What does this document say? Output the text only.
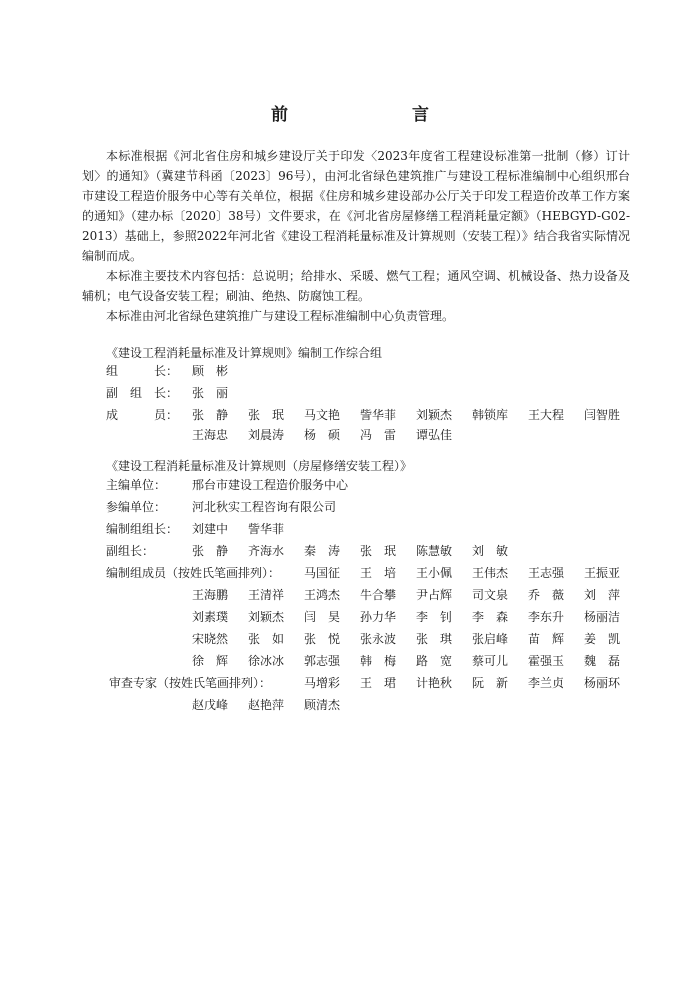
前　　言

本标准根据《河北省住房和城乡建设厅关于印发〈2023年度省工程建设标准第一批制（修）订计划〉的通知》（冀建节科函〔2023〕96号），由河北省绿色建筑推广与建设工程标准编制中心组织邢台市建设工程造价服务中心等有关单位，根据《住房和城乡建设部办公厅关于印发工程造价改革工作方案的通知》（建办标〔2020〕38号）文件要求，在《河北省房屋修缮工程消耗量定额》（HEBGYD-G02-2013）基础上，参照2022年河北省《建设工程消耗量标准及计算规则（安装工程）》结合我省实际情况编制而成。

本标准主要技术内容包括：总说明；给排水、采暖、燃气工程；通风空调、机械设备、热力设备及辅机；电气设备安装工程；刷油、绝热、防腐蚀工程。

本标准由河北省绿色建筑推广与建设工程标准编制中心负责管理。

《建设工程消耗量标准及计算规则》编制工作综合组

组　　　长： 顾　彬
副　组　长： 张　丽
成　　　员： 张　静 张　珉 马文艳 訾华菲 刘颖杰 韩锁库 王大程 闫智胜
王海忠 刘晨涛 杨　硕 冯　雷 谭弘佳

《建设工程消耗量标准及计算规则（房屋修缮安装工程）》

主编单位： 邢台市建设工程造价服务中心
参编单位： 河北秋实工程咨询有限公司
编制组组长： 刘建中 訾华菲
副组长：	张　静 齐海水 秦　涛 张　珉 陈慧敏 刘　敏
编制组成员（按姓氏笔画排列）： 马国征 王　培 王小佩 王伟杰 王志强 王振亚
王海鹏 王清祥 王鸿杰 牛合攀 尹占辉 司文泉 乔　薇 刘　萍
刘素璞 刘颖杰 闫　昊 孙力华 李　钊 李　森 李东升 杨丽洁
宋晓然 张　如 张　悦 张永波 张　琪 张启峰 苗　辉 姜　凯
徐　辉 徐冰冰 郭志强 韩　梅 路　宽 蔡可儿 霍强玉 魏　磊
审查专家（按姓氏笔画排列）：	马增彩 王　珺 计艳秋 阮　新 李兰贞 杨丽环
赵戊峰 赵艳萍 顾清杰
